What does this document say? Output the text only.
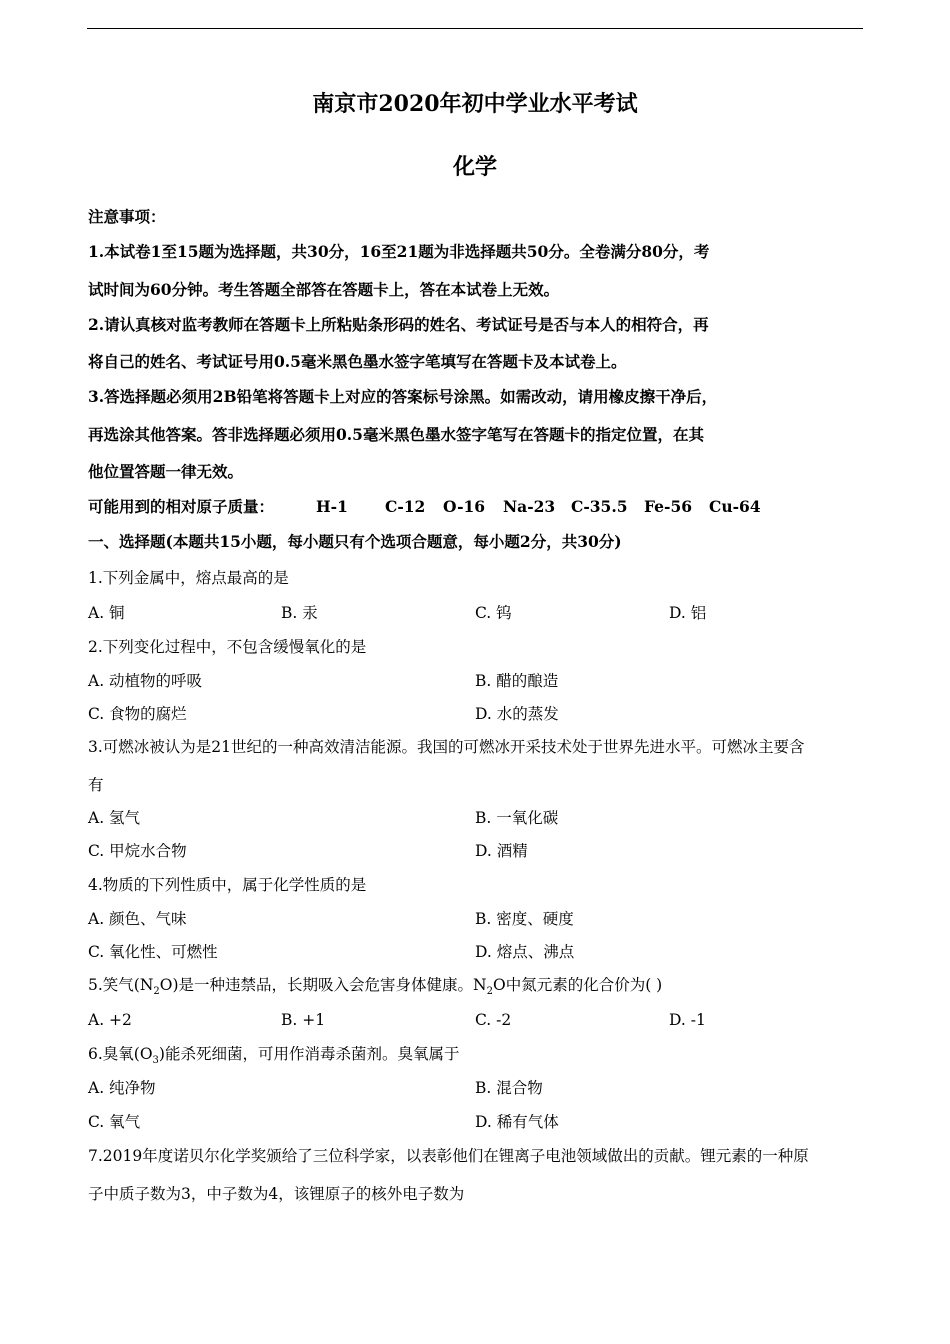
南京市2020年初中学业水平考试
化学
注意事项：
1.本试卷1至15题为选择题，共30分，16至21题为非选择题共50分。全卷满分80分，考
试时间为60分钟。考生答题全部答在答题卡上，答在本试卷上无效。
2.请认真核对监考教师在答题卡上所粘贴条形码的姓名、考试证号是否与本人的相符合，再
将自己的姓名、考试证号用0.5毫米黑色墨水签字笔填写在答题卡及本试卷上。
3.答选择题必须用2B铅笔将答题卡上对应的答案标号涂黑。如需改动，请用橡皮擦干净后，
再选涂其他答案。答非选择题必须用0.5毫米黑色墨水签字笔写在答题卡的指定位置，在其
他位置答题一律无效。
可能用到的相对原子质量：	H-1 C-12 O-16 Na-23 C-35.5 Fe-56 Cu-64
一、选择题(本题共15小题，每小题只有个选项合题意，每小题2分，共30分)
1.下列金属中，熔点最高的是
A. 铜	B. 汞	C. 钨	D. 铝
2.下列变化过程中，不包含缓慢氧化的是
A. 动植物的呼吸	B. 醋的酿造
C. 食物的腐烂	D. 水的蒸发
3.可燃冰被认为是21世纪的一种高效清洁能源。我国的可燃冰开采技术处于世界先进水平。可燃冰主要含
有
A. 氢气	B. 一氧化碳
C. 甲烷水合物	D. 酒精
4.物质的下列性质中，属于化学性质的是
A. 颜色、气味	B. 密度、硬度
C. 氧化性、可燃性	D. 熔点、沸点
5.笑气$(N_2O)$是一种违禁品，长期吸入会危害身体健康。$N_2O$中氮元素的化合价为( )
A. +2	B. +1	C. -2	D. -1
6.臭氧$(O_3)$能杀死细菌，可用作消毒杀菌剂。臭氧属于
A. 纯净物	B. 混合物
C. 氧气	D. 稀有气体
7.2019年度诺贝尔化学奖颁给了三位科学家，以表彰他们在锂离子电池领域做出的贡献。锂元素的一种原
子中质子数为3，中子数为4，该锂原子的核外电子数为
